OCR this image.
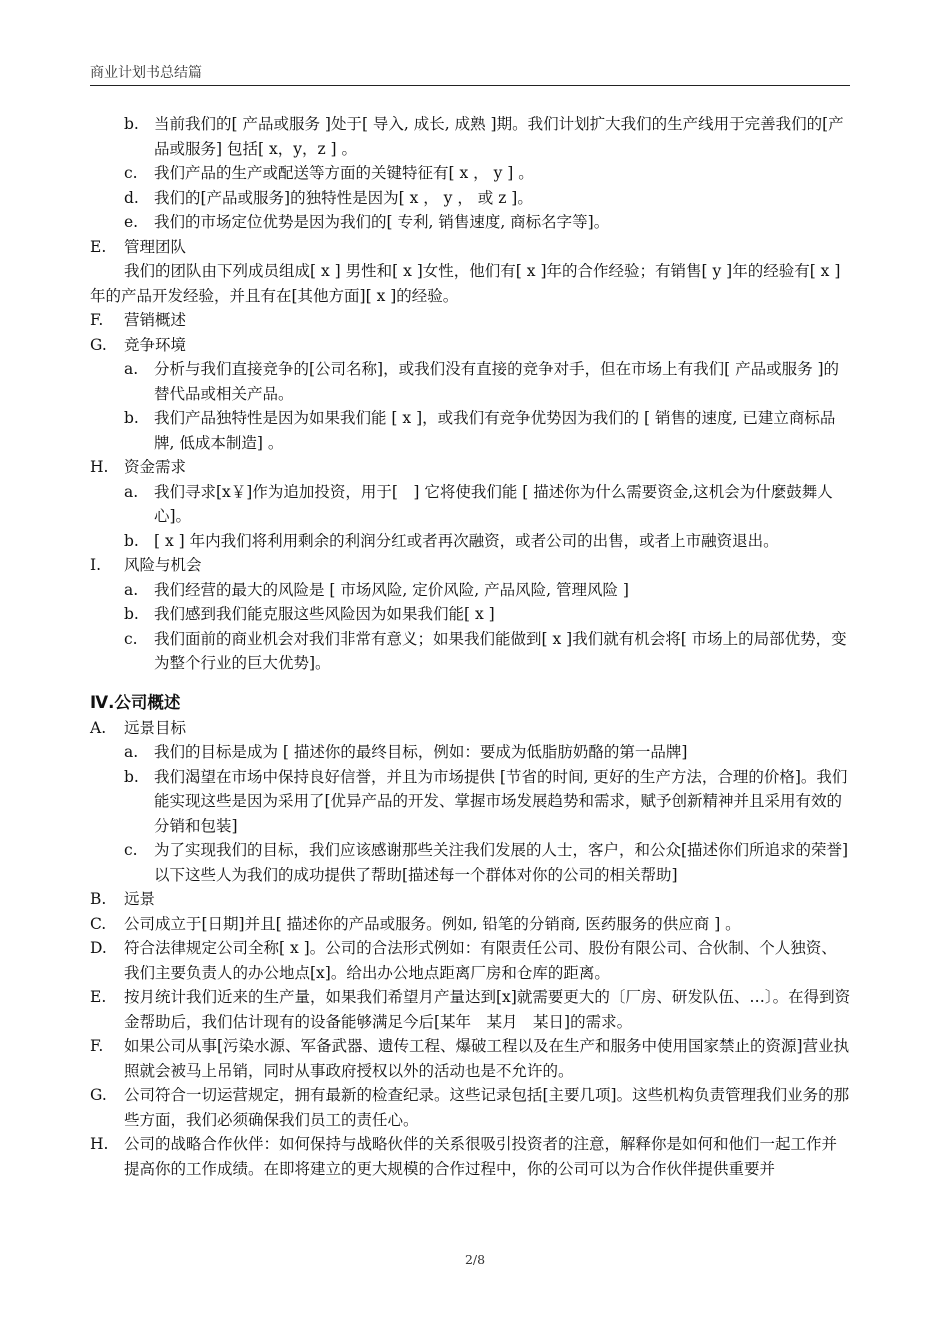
商业计划书总结篇
b. 当前我们的[ 产品或服务 ]处于[ 导入, 成长, 成熟 ]期。我们计划扩大我们的生产线用于完善我们的[产品或服务] 包括[ x，y，z ] 。
c. 我们产品的生产或配送等方面的关键特征有[ x ， y ] 。
d. 我们的[产品或服务]的独特性是因为[ x ， y ， 或 z ]。
e. 我们的市场定位优势是因为我们的[ 专利, 销售速度, 商标名字等]。
E. 管理团队
我们的团队由下列成员组成[ x ] 男性和[ x ]女性，他们有[ x ]年的合作经验；有销售[ y ]年的经验有[ x ]年的产品开发经验，并且有在[其他方面][ x ]的经验。
F. 营销概述
G. 竞争环境
a. 分析与我们直接竞争的[公司名称]，或我们没有直接的竞争对手，但在市场上有我们[ 产品或服务 ]的替代品或相关产品。
b. 我们产品独特性是因为如果我们能 [ x ]，或我们有竞争优势因为我们的 [ 销售的速度, 已建立商标品牌, 低成本制造] 。
H. 资金需求
a. 我们寻求[x￥]作为追加投资，用于[　] 它将使我们能 [ 描述你为什么需要资金,这机会为什麼鼓舞人心]。
b. [ x ] 年内我们将利用剩余的利润分红或者再次融资，或者公司的出售，或者上市融资退出。
I. 风险与机会
a. 我们经营的最大的风险是 [ 市场风险, 定价风险, 产品风险, 管理风险 ]
b. 我们感到我们能克服这些风险因为如果我们能[ x ]
c. 我们面前的商业机会对我们非常有意义；如果我们能做到[ x ]我们就有机会将[ 市场上的局部优势，变为整个行业的巨大优势]。
Ⅳ.公司概述
A. 远景目标
a. 我们的目标是成为 [ 描述你的最终目标，例如：要成为低脂肪奶酪的第一品牌]
b. 我们渴望在市场中保持良好信誉，并且为市场提供 [节省的时间, 更好的生产方法，合理的价格]。我们能实现这些是因为采用了[优异产品的开发、掌握市场发展趋势和需求，赋予创新精神并且采用有效的分销和包装]
c. 为了实现我们的目标，我们应该感谢那些关注我们发展的人士，客户，和公众[描述你们所追求的荣誉]以下这些人为我们的成功提供了帮助[描述每一个群体对你的公司的相关帮助]
B. 远景
C. 公司成立于[日期]并且[ 描述你的产品或服务。例如, 铅笔的分销商, 医药服务的供应商 ] 。
D. 符合法律规定公司全称[ x ]。公司的合法形式例如：有限责任公司、股份有限公司、合伙制、个人独资、我们主要负责人的办公地点[x]。给出办公地点距离厂房和仓库的距离。
E. 按月统计我们近来的生产量，如果我们希望月产量达到[x]就需要更大的〔厂房、研发队伍、…〕。在得到资金帮助后，我们估计现有的设备能够满足今后[某年　某月　某日]的需求。
F. 如果公司从事[污染水源、军备武器、遗传工程、爆破工程以及在生产和服务中使用国家禁止的资源]营业执照就会被马上吊销，同时从事政府授权以外的活动也是不允许的。
G. 公司符合一切运营规定，拥有最新的检查纪录。这些记录包括[主要几项]。这些机构负责管理我们业务的那些方面，我们必须确保我们员工的责任心。
H. 公司的战略合作伙伴：如何保持与战略伙伴的关系很吸引投资者的注意，解释你是如何和他们一起工作并提高你的工作成绩。在即将建立的更大规模的合作过程中，你的公司可以为合作伙伴提供重要并
2/8
